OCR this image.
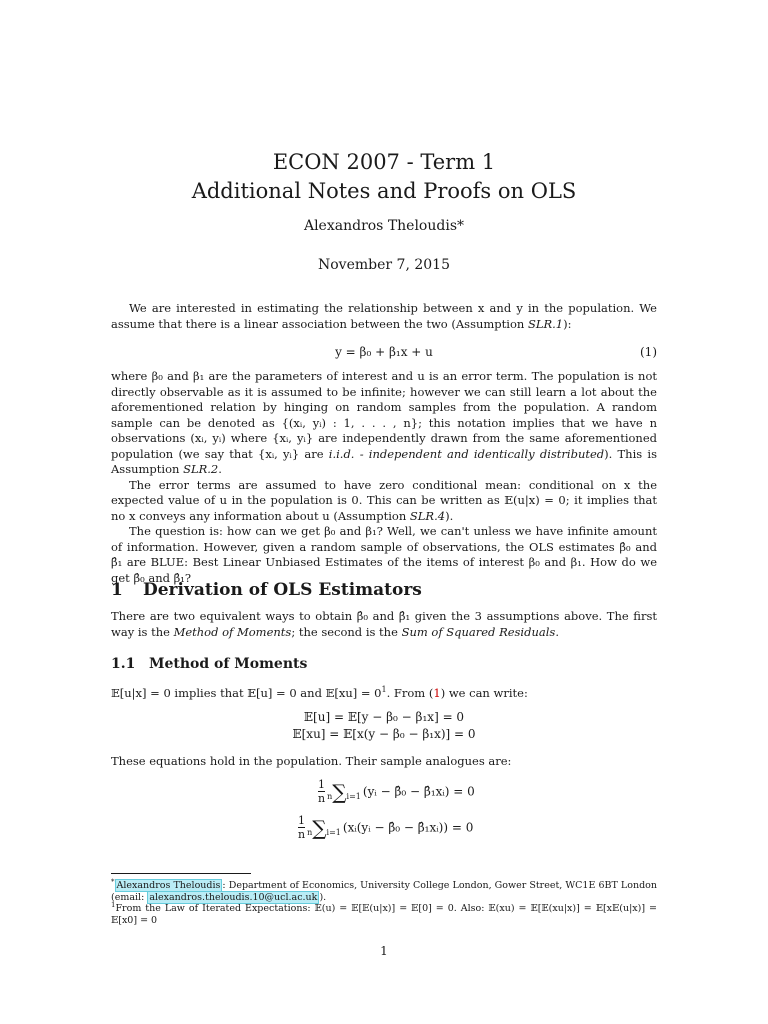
ECON 2007 - Term 1
Additional Notes and Proofs on OLS
Alexandros Theloudis*
November 7, 2015

We are interested in estimating the relationship between x and y in the population. We assume that there is a linear association between the two (Assumption SLR.1):

y = β₀ + β₁x + u	(1)

where β₀ and β₁ are the parameters of interest and u is an error term. The population is not directly observable as it is assumed to be infinite; however we can still learn a lot about the aforementioned relation by hinging on random samples from the population. A random sample can be denoted as {(xᵢ, yᵢ) : 1, . . . , n}; this notation implies that we have n observations (xᵢ, yᵢ) where {xᵢ, yᵢ} are independently drawn from the same aforementioned population (we say that {xᵢ, yᵢ} are i.i.d. - independent and identically distributed). This is Assumption SLR.2.

The error terms are assumed to have zero conditional mean: conditional on x the expected value of u in the population is 0. This can be written as 𝔼(u|x) = 0; it implies that no x conveys any information about u (Assumption SLR.4).

The question is: how can we get β₀ and β₁? Well, we can't unless we have infinite amount of information. However, given a random sample of observations, the OLS estimates β̂₀ and β̂₁ are BLUE: Best Linear Unbiased Estimates of the items of interest β₀ and β₁. How do we get β̂₀ and β̂₁?

1 Derivation of OLS Estimators

There are two equivalent ways to obtain β̂₀ and β̂₁ given the 3 assumptions above. The first way is the Method of Moments; the second is the Sum of Squared Residuals.

1.1 Method of Moments

𝔼[u|x] = 0 implies that 𝔼[u] = 0 and 𝔼[xu] = $0^1$. From (1) we can write:

𝔼[u] = 𝔼[y − β₀ − β₁x] = 0
𝔼[xu] = 𝔼[x(y − β₀ − β₁x)] = 0

These equations hold in the population. Their sample analogues are:

$\frac{1}{n} n\sum i=1$ (yᵢ − β̂₀ − β̂₁xᵢ) = 0
$\frac{1}{n} n\sum i=1$ (xᵢ(yᵢ − β̂₀ − β̂₁xᵢ)) = 0
* Alexandros Theloudis : Department of Economics, University College London, Gower Street, WC1E 6BT London (email: alexandros.theloudis.10@ucl.ac.uk ).
$^1$From the Law of Iterated Expectations: 𝔼(u) = 𝔼[𝔼(u|x)] = 𝔼[0] = 0. Also: 𝔼(xu) = 𝔼[𝔼(xu|x)] = 𝔼[x𝔼(u|x)] = 𝔼[x0] = 0
1
